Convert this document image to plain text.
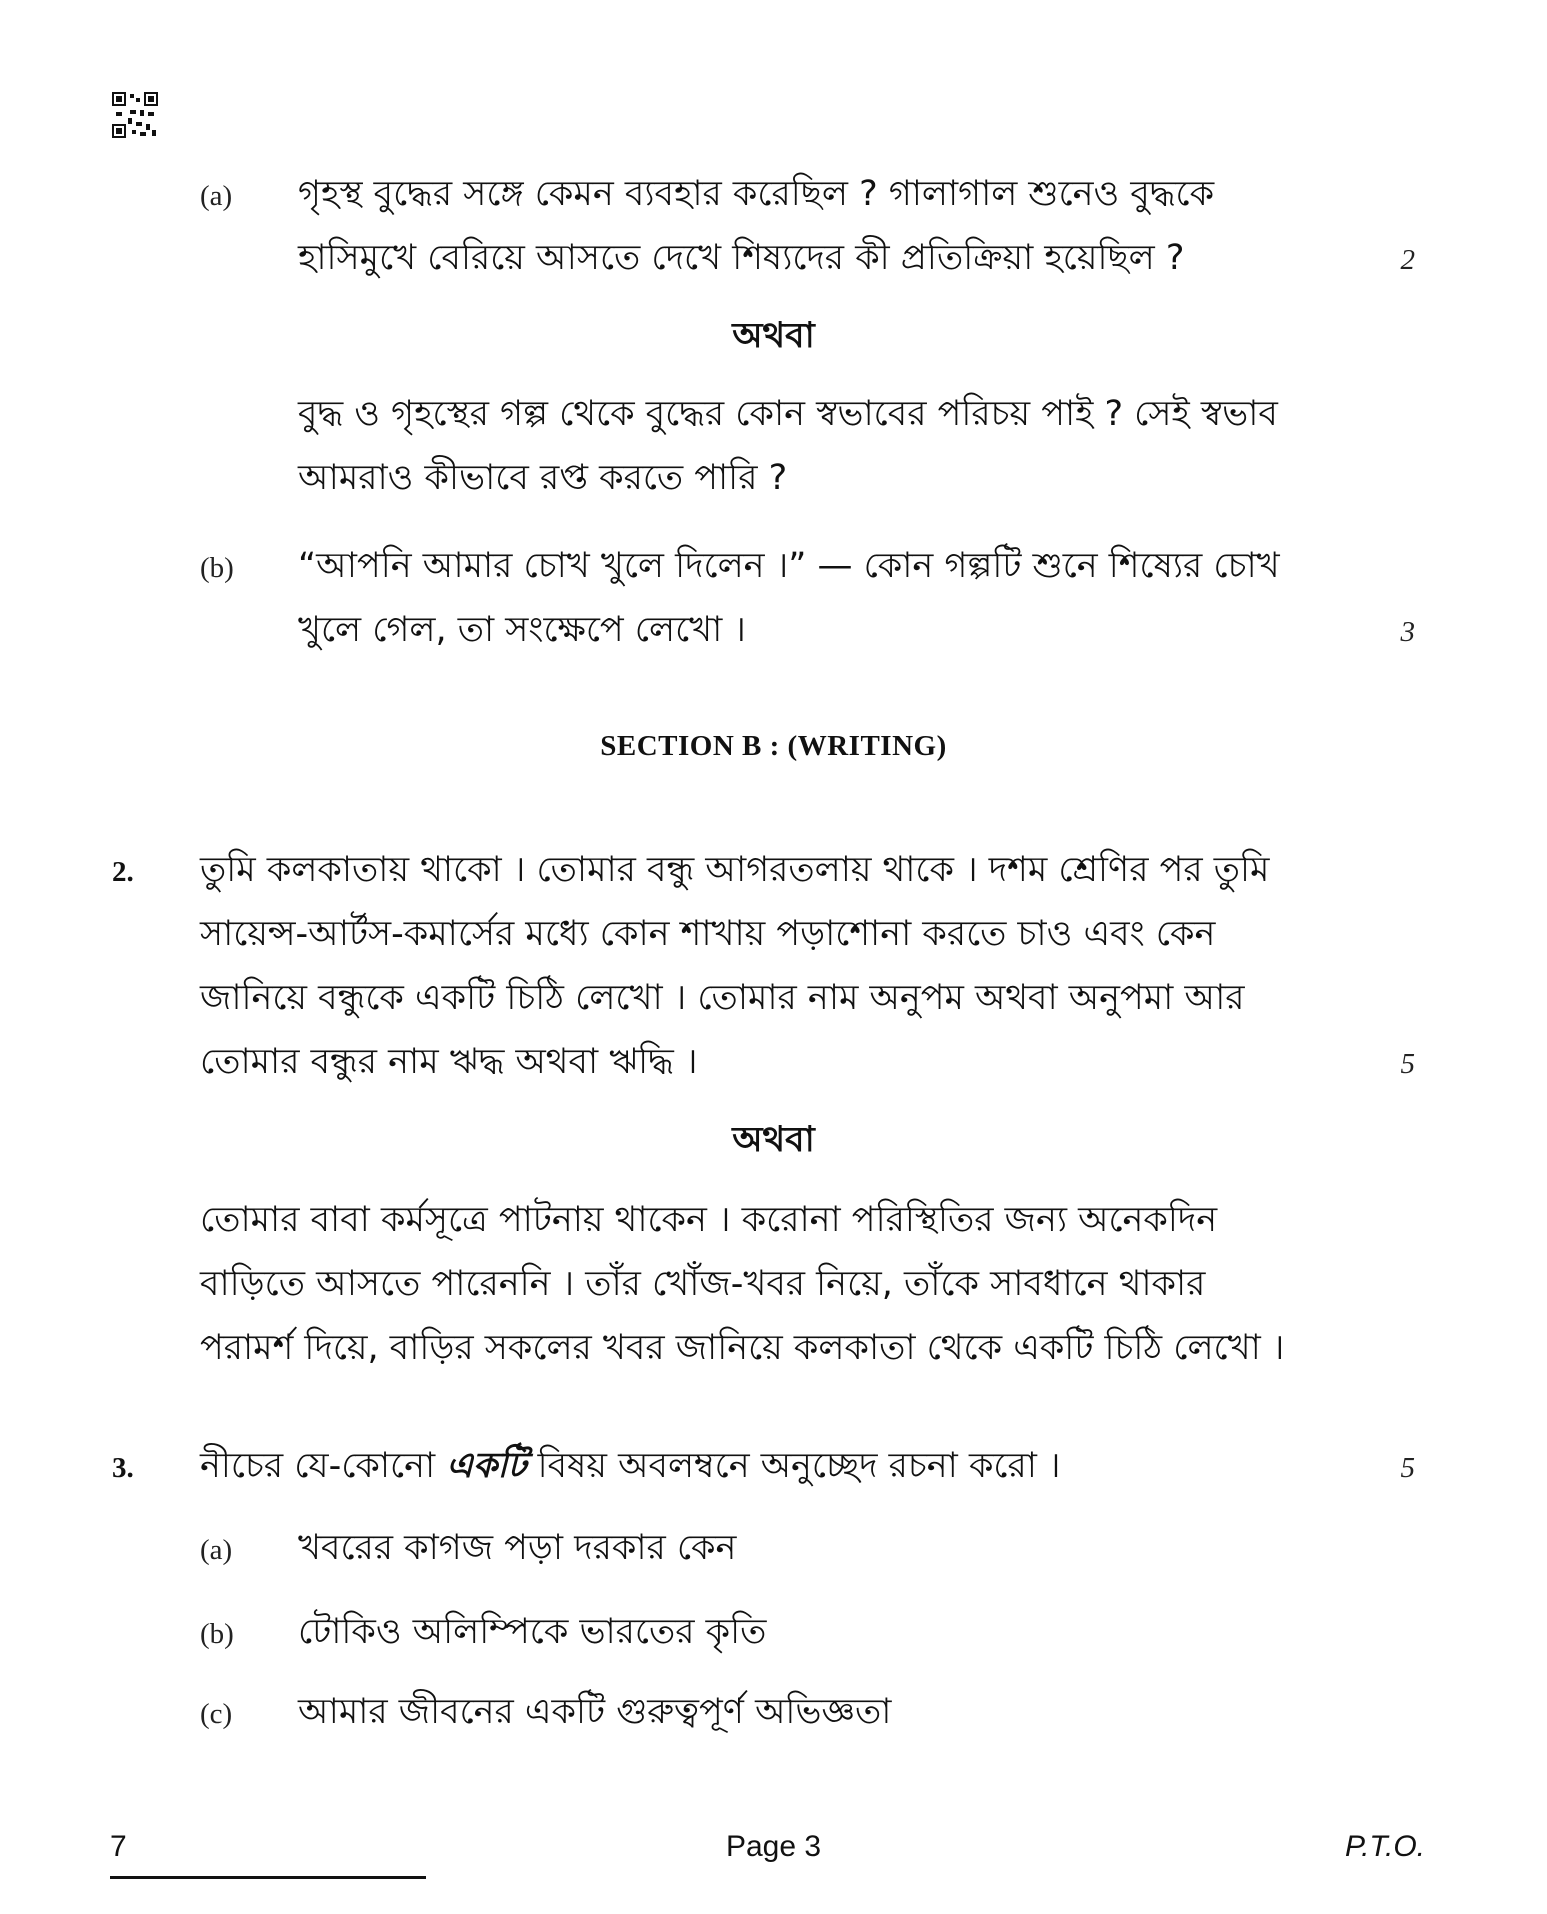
(a) গৃহস্থ বুদ্ধের সঙ্গে কেমন ব্যবহার করেছিল ? গালাগাল শুনেও বুদ্ধকে
হাসিমুখে বেরিয়ে আসতে দেখে শিষ্যদের কী প্রতিক্রিয়া হয়েছিল ?	2
অথবা
বুদ্ধ ও গৃহস্থের গল্প থেকে বুদ্ধের কোন স্বভাবের পরিচয় পাই ? সেই স্বভাব
আমরাও কীভাবে রপ্ত করতে পারি ?
(b) “আপনি আমার চোখ খুলে দিলেন ।” — কোন গল্পটি শুনে শিষ্যের চোখ
খুলে গেল, তা সংক্ষেপে লেখো ।	3
SECTION B : (WRITING)
2. তুমি কলকাতায় থাকো । তোমার বন্ধু আগরতলায় থাকে । দশম শ্রেণির পর তুমি
সায়েন্স-আর্টস-কমার্সের মধ্যে কোন শাখায় পড়াশোনা করতে চাও এবং কেন
জানিয়ে বন্ধুকে একটি চিঠি লেখো । তোমার নাম অনুপম অথবা অনুপমা আর
তোমার বন্ধুর নাম ঋদ্ধ অথবা ঋদ্ধি ।	5
অথবা
তোমার বাবা কর্মসূত্রে পাটনায় থাকেন । করোনা পরিস্থিতির জন্য অনেকদিন
বাড়িতে আসতে পারেননি । তাঁর খোঁজ-খবর নিয়ে, তাঁকে সাবধানে থাকার
পরামর্শ দিয়ে, বাড়ির সকলের খবর জানিয়ে কলকাতা থেকে একটি চিঠি লেখো ।
3. নীচের যে-কোনো একটি বিষয় অবলম্বনে অনুচ্ছেদ রচনা করো ।	5
(a) খবরের কাগজ পড়া দরকার কেন
(b) টোকিও অলিম্পিকে ভারতের কৃতি
(c) আমার জীবনের একটি গুরুত্বপূর্ণ অভিজ্ঞতা
7	Page 3	P.T.O.
